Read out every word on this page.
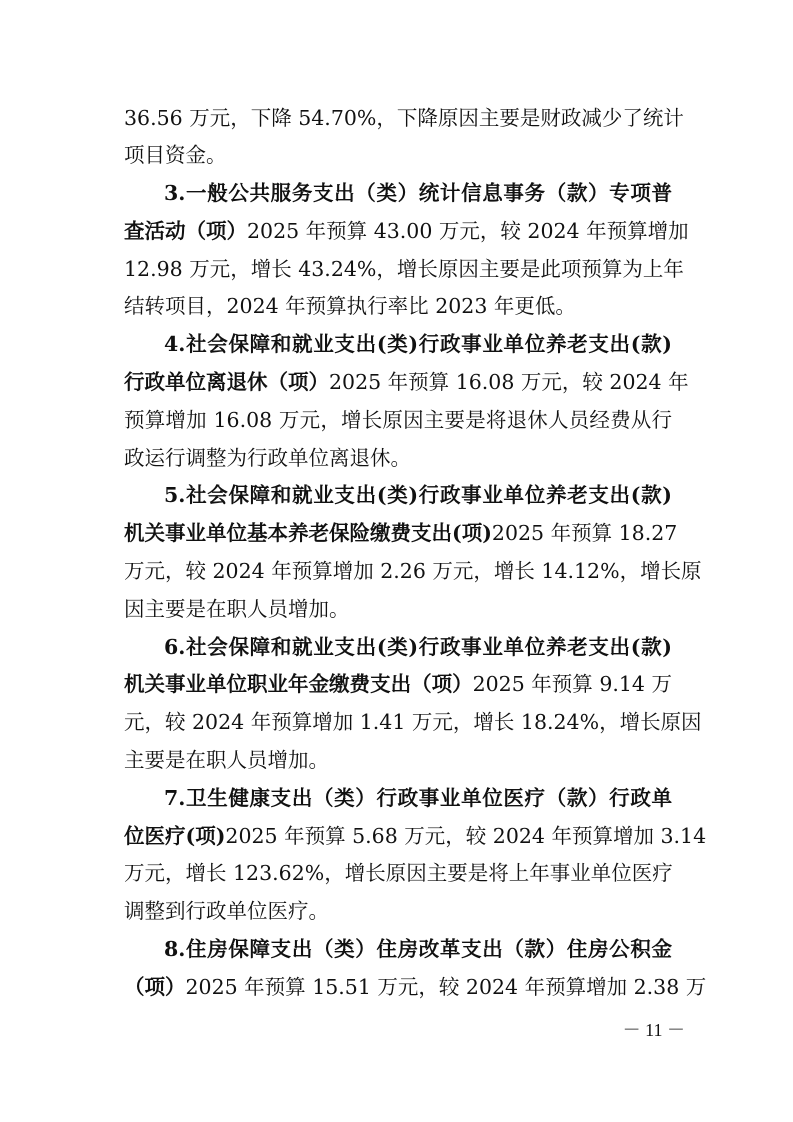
36.56 万元，下降 54.70%，下降原因主要是财政减少了统计

项目资金。

3.一般公共服务支出（类）统计信息事务（款）专项普

查活动（项）2025 年预算 43.00 万元，较 2024 年预算增加

12.98 万元，增长 43.24%，增长原因主要是此项预算为上年

结转项目，2024 年预算执行率比 2023 年更低。

4.社会保障和就业支出(类)行政事业单位养老支出(款)

行政单位离退休（项）2025 年预算 16.08 万元，较 2024 年

预算增加 16.08 万元，增长原因主要是将退休人员经费从行

政运行调整为行政单位离退休。

5.社会保障和就业支出(类)行政事业单位养老支出(款)

机关事业单位基本养老保险缴费支出(项)2025 年预算 18.27

万元，较 2024 年预算增加 2.26 万元，增长 14.12%，增长原

因主要是在职人员增加。

6.社会保障和就业支出(类)行政事业单位养老支出(款)

机关事业单位职业年金缴费支出（项）2025 年预算 9.14 万

元，较 2024 年预算增加 1.41 万元，增长 18.24%，增长原因

主要是在职人员增加。

7.卫生健康支出（类）行政事业单位医疗（款）行政单

位医疗(项)2025 年预算 5.68 万元，较 2024 年预算增加 3.14

万元，增长 123.62%，增长原因主要是将上年事业单位医疗

调整到行政单位医疗。

8.住房保障支出（类）住房改革支出（款）住房公积金

（项）2025 年预算 15.51 万元，较 2024 年预算增加 2.38 万

－ 11 －
